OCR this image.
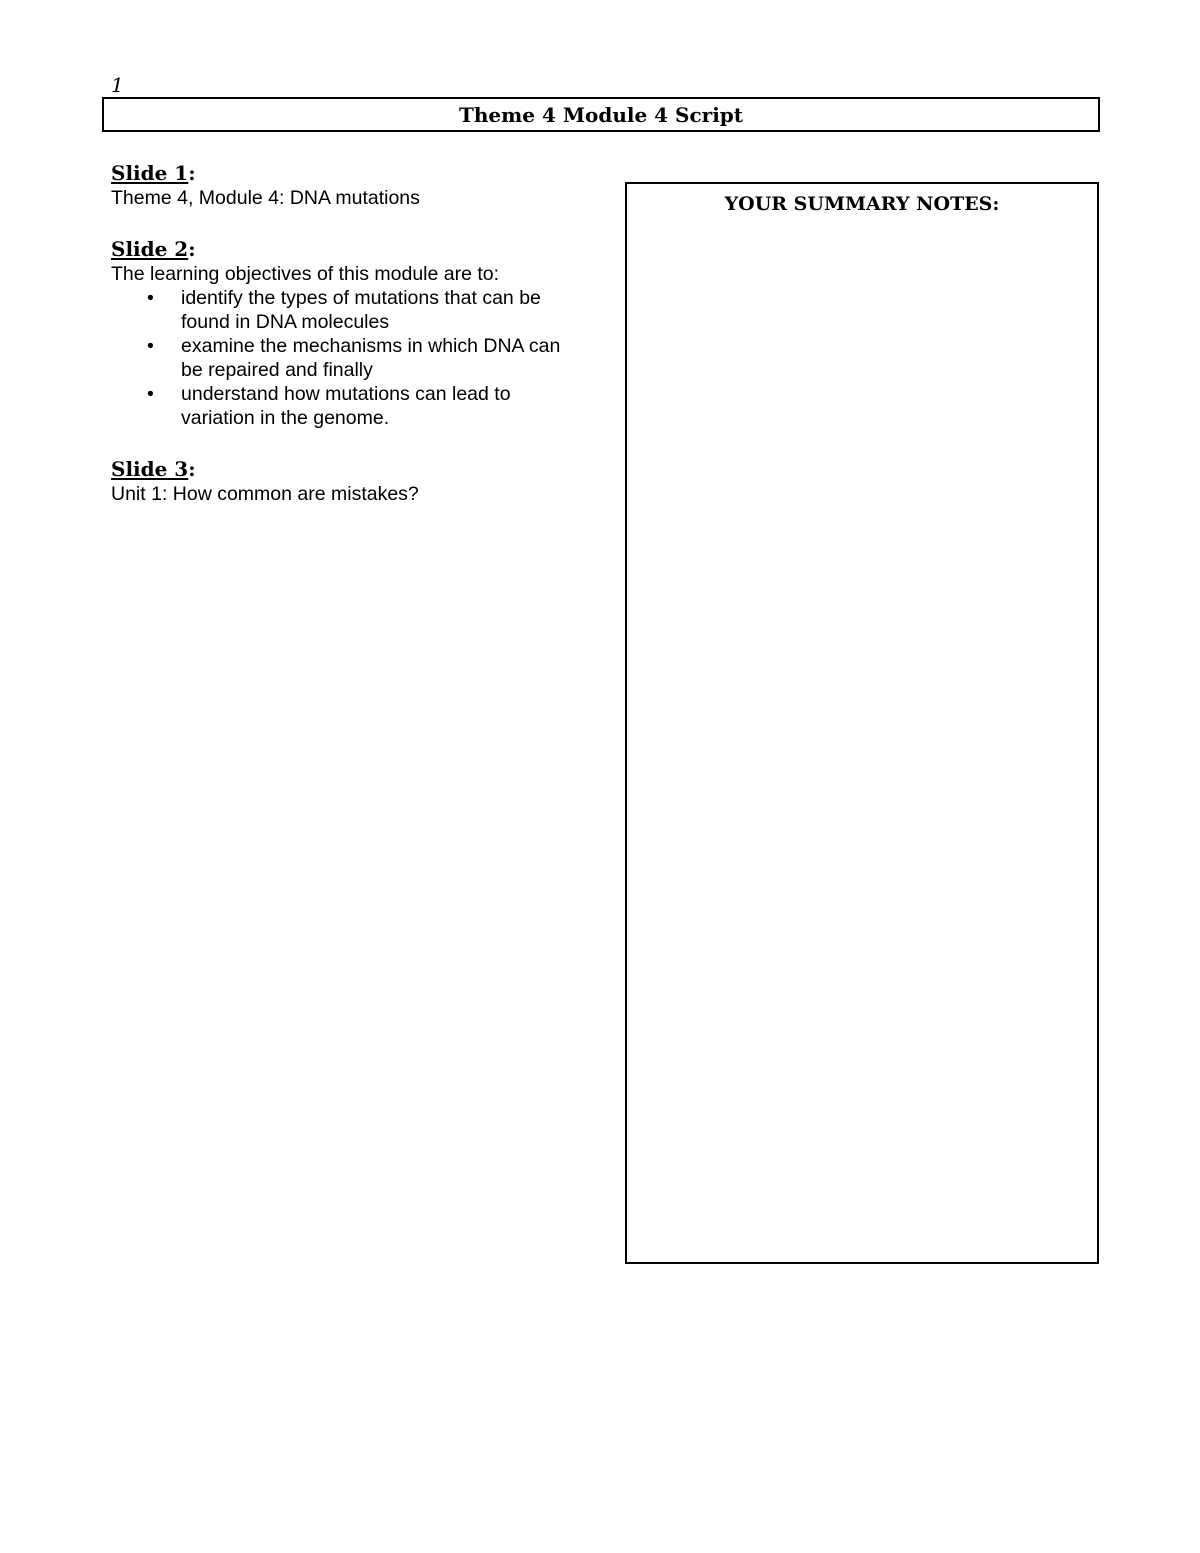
1
Theme 4 Module 4 Script

Slide 1:

Theme 4, Module 4: DNA mutations

Slide 2:

The learning objectives of this module are to:

• identify the types of mutations that can be found in DNA molecules
• examine the mechanisms in which DNA can be repaired and finally
• understand how mutations can lead to variation in the genome.

Slide 3:

Unit 1: How common are mistakes?

YOUR SUMMARY NOTES:
